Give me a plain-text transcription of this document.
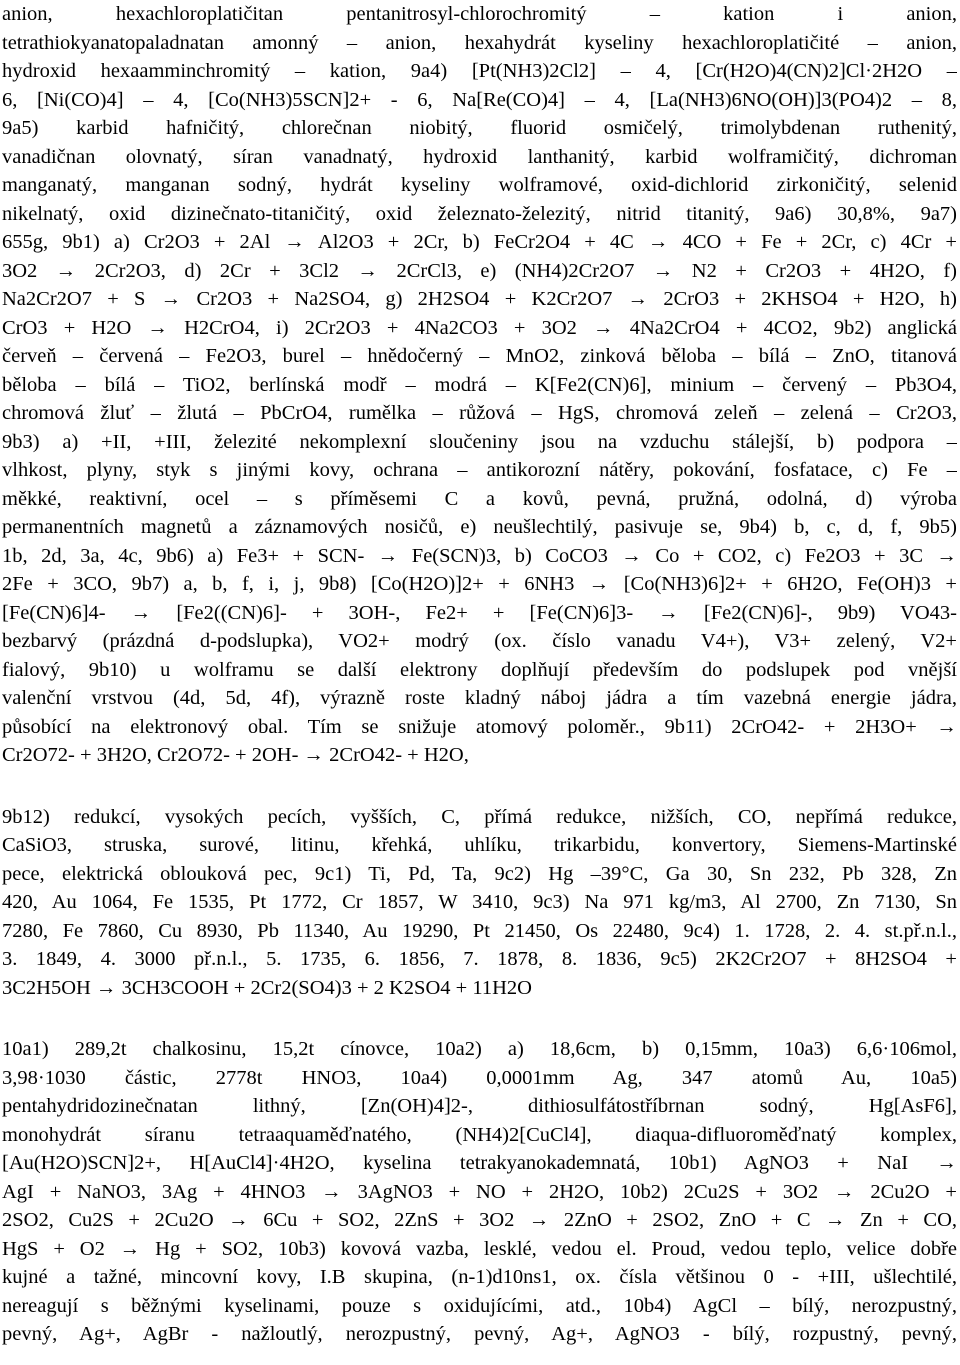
anion, hexachloroplatičitan pentanitrosyl-chlorochromitý – kation i anion,
tetrathiokyanatopaladnatan amonný – anion, hexahydrát kyseliny hexachloroplatičité – anion,
hydroxid hexaamminchromitý – kation, 9a4) [Pt(NH3)2Cl2] – 4, [Cr(H2O)4(CN)2]Cl·2H2O –
6, [Ni(CO)4] – 4, [Co(NH3)5SCN]2+ - 6, Na[Re(CO)4] – 4, [La(NH3)6NO(OH)]3(PO4)2 – 8,
9a5) karbid hafničitý, chlorečnan niobitý, fluorid osmičelý, trimolybdenan ruthenitý,
vanadičnan olovnatý, síran vanadnatý, hydroxid lanthanitý, karbid wolframičitý, dichroman
manganatý, manganan sodný, hydrát kyseliny wolframové, oxid-dichlorid zirkoničitý, selenid
nikelnatý, oxid dizinečnato-titaničitý, oxid železnato-železitý, nitrid titanitý, 9a6) 30,8%, 9a7)
655g, 9b1) a) Cr2O3 + 2Al → Al2O3 + 2Cr, b) FeCr2O4 + 4C → 4CO + Fe + 2Cr, c) 4Cr +
3O2 → 2Cr2O3, d) 2Cr + 3Cl2 → 2CrCl3, e) (NH4)2Cr2O7 → N2 + Cr2O3 + 4H2O, f)
Na2Cr2O7 + S → Cr2O3 + Na2SO4, g) 2H2SO4 + K2Cr2O7 → 2CrO3 + 2KHSO4 + H2O, h)
CrO3 + H2O → H2CrO4, i) 2Cr2O3 + 4Na2CO3 + 3O2 → 4Na2CrO4 + 4CO2, 9b2) anglická
červeň – červená – Fe2O3, burel – hnědočerný – MnO2, zinková běloba – bílá – ZnO, titanová
běloba – bílá – TiO2, berlínská modř – modrá – K[Fe2(CN)6], minium – červený – Pb3O4,
chromová žluť – žlutá – PbCrO4, rumělka – růžová – HgS, chromová zeleň – zelená – Cr2O3,
9b3) a) +II, +III, železité nekomplexní sloučeniny jsou na vzduchu stálejší, b) podpora –
vlhkost, plyny, styk s jinými kovy, ochrana – antikorozní nátěry, pokování, fosfatace, c) Fe –
měkké, reaktivní, ocel – s příměsemi C a kovů, pevná, pružná, odolná, d) výroba
permanentních magnetů a záznamových nosičů, e) neušlechtilý, pasivuje se, 9b4) b, c, d, f, 9b5)
1b, 2d, 3a, 4c, 9b6) a) Fe3+ + SCN- → Fe(SCN)3, b) CoCO3 → Co + CO2, c) Fe2O3 + 3C →
2Fe + 3CO, 9b7) a, b, f, i, j, 9b8) [Co(H2O)]2+ + 6NH3 → [Co(NH3)6]2+ + 6H2O, Fe(OH)3 +
[Fe(CN)6]4- → [Fe2((CN)6]- + 3OH-, Fe2+ + [Fe(CN)6]3- → [Fe2(CN)6]-, 9b9) VO43-
bezbarvý (prázdná d-podslupka), VO2+ modrý (ox. číslo vanadu V4+), V3+ zelený, V2+
fialový, 9b10) u wolframu se další elektrony doplňují především do podslupek pod vnější
valenční vrstvou (4d, 5d, 4f), výrazně roste kladný náboj jádra a tím vazebná energie jádra,
působící na elektronový obal. Tím se snižuje atomový poloměr., 9b11) 2CrO42- + 2H3O+ →
Cr2O72- + 3H2O, Cr2O72- + 2OH- → 2CrO42- + H2O,
9b12) redukcí, vysokých pecích, vyšších, C, přímá redukce, nižších, CO, nepřímá redukce,
CaSiO3, struska, surové, litinu, křehká, uhlíku, trikarbidu, konvertory, Siemens-Martinské
pece, elektrická oblouková pec, 9c1) Ti, Pd, Ta, 9c2) Hg –39°C, Ga 30, Sn 232, Pb 328, Zn
420, Au 1064, Fe 1535, Pt 1772, Cr 1857, W 3410, 9c3) Na 971 kg/m3, Al 2700, Zn 7130, Sn
7280, Fe 7860, Cu 8930, Pb 11340, Au 19290, Pt 21450, Os 22480, 9c4) 1. 1728, 2. 4. st.př.n.l.,
3. 1849, 4. 3000 př.n.l., 5. 1735, 6. 1856, 7. 1878, 8. 1836, 9c5) 2K2Cr2O7 + 8H2SO4 +
3C2H5OH → 3CH3COOH + 2Cr2(SO4)3 + 2 K2SO4 + 11H2O
10a1) 289,2t chalkosinu, 15,2t cínovce, 10a2) a) 18,6cm, b) 0,15mm, 10a3) 6,6·106mol,
3,98·1030 částic, 2778t HNO3, 10a4) 0,0001mm Ag, 347 atomů Au, 10a5)
pentahydridozinečnatan lithný, [Zn(OH)4]2-, dithiosulfátostříbrnan sodný, Hg[AsF6],
monohydrát síranu tetraaquaměďnatého, (NH4)2[CuCl4], diaqua-difluoroměďnatý komplex,
[Au(H2O)SCN]2+, H[AuCl4]·4H2O, kyselina tetrakyanokademnatá, 10b1) AgNO3 + NaI →
AgI + NaNO3, 3Ag + 4HNO3 → 3AgNO3 + NO + 2H2O, 10b2) 2Cu2S + 3O2 → 2Cu2O +
2SO2, Cu2S + 2Cu2O → 6Cu + SO2, 2ZnS + 3O2 → 2ZnO + 2SO2, ZnO + C → Zn + CO,
HgS + O2 → Hg + SO2, 10b3) kovová vazba, lesklé, vedou el. Proud, vedou teplo, velice dobře
kujné a tažné, mincovní kovy, I.B skupina, (n-1)d10ns1, ox. čísla většinou 0 - +III, ušlechtilé,
nereagují s běžnými kyselinami, pouze s oxidujícími, atd., 10b4) AgCl – bílý, nerozpustný,
pevný, Ag+, AgBr - nažloutlý, nerozpustný, pevný, Ag+, AgNO3 - bílý, rozpustný, pevný,
